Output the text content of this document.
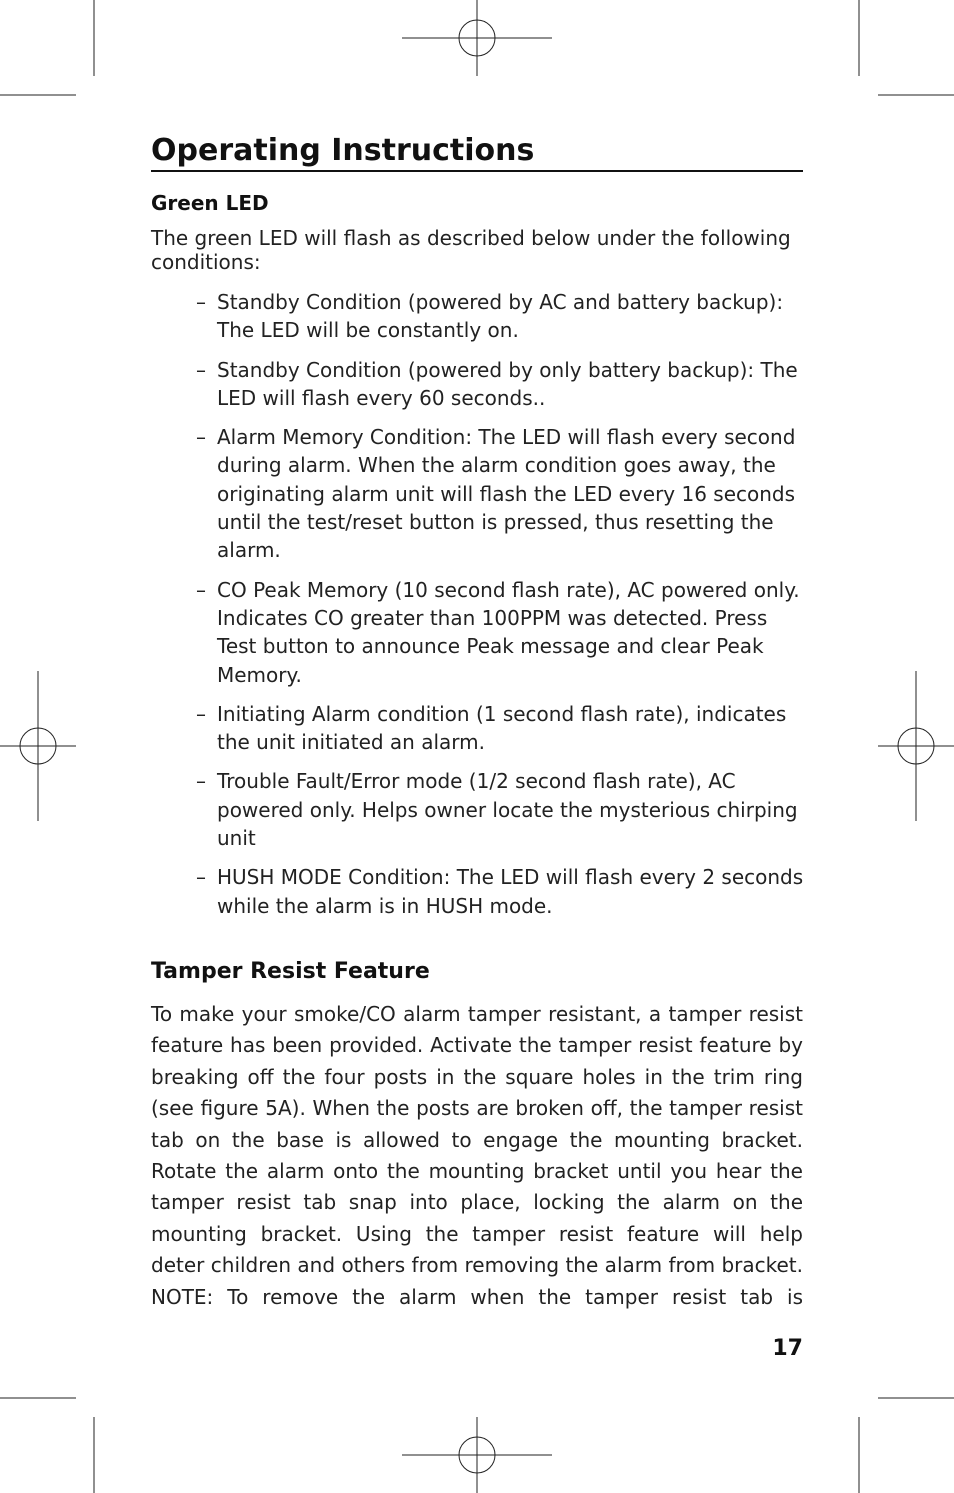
Operating Instructions
Green LED
The green LED will flash as described below under the following conditions:
– Standby Condition (powered by AC and battery backup): The LED will be constantly on.
– Standby Condition (powered by only battery backup): The LED will flash every 60 seconds..
– Alarm Memory Condition: The LED will flash every second during alarm. When the alarm condition goes away, the originating alarm unit will flash the LED every 16 seconds until the test/reset button is pressed, thus resetting the alarm.
– CO Peak Memory (10 second flash rate), AC powered only. Indicates CO greater than 100PPM was detected. Press Test button to announce Peak message and clear Peak Memory.
– Initiating Alarm condition (1 second flash rate), indicates the unit initiated an alarm.
– Trouble Fault/Error mode (1/2 second flash rate), AC powered only. Helps owner locate the mysterious chirping unit
– HUSH MODE Condition: The LED will flash every 2 seconds while the alarm is in HUSH mode.
Tamper Resist Feature
To make your smoke/CO alarm tamper resistant, a tamper resist feature has been provided. Activate the tamper resist feature by breaking off the four posts in the square holes in the trim ring (see figure 5A). When the posts are broken off, the tamper resist tab on the base is allowed to engage the mounting bracket. Rotate the alarm onto the mounting bracket until you hear the tamper resist tab snap into place, locking the alarm on the mounting bracket. Using the tamper resist feature will help deter children and others from removing the alarm from bracket. NOTE: To remove the alarm when the tamper resist tab is
17
